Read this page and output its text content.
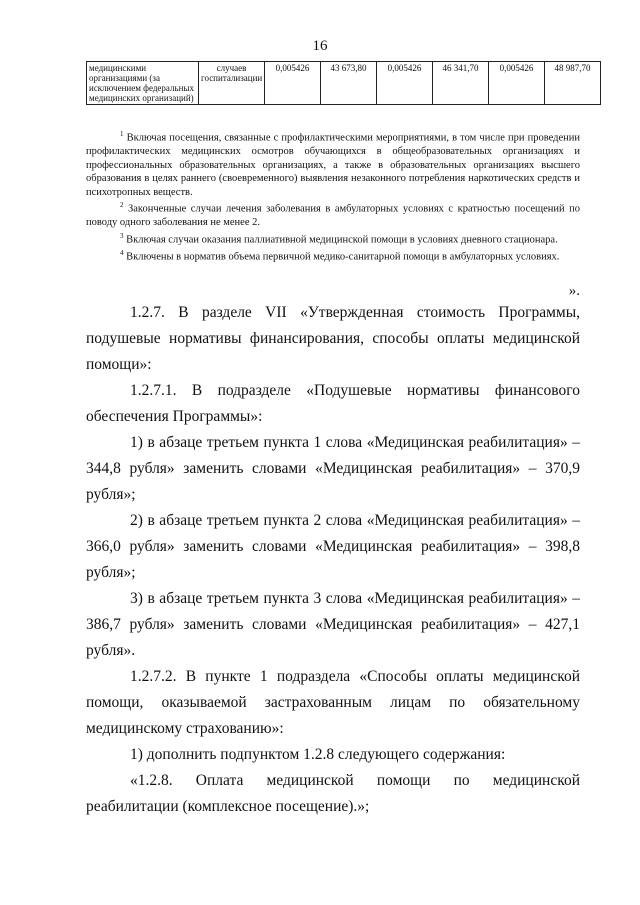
16
медицинскими организациями (за исключением федеральных медицинских организаций)	случаев госпитализации	0,005426	43 673,80	0,005426	46 341,70	0,005426	48 987,70

$^1$ Включая посещения, связанные с профилактическими мероприятиями, в том числе при проведении профилактических медицинских осмотров обучающихся в общеобразовательных организациях и профессиональных образовательных организациях, а также в образовательных организациях высшего образования в целях раннего (своевременного) выявления незаконного потребления наркотических средств и психотропных веществ.

$^2$ Законченные случаи лечения заболевания в амбулаторных условиях с кратностью посещений по поводу одного заболевания не менее 2.

$^3$ Включая случаи оказания паллиативной медицинской помощи в условиях дневного стационара.

$^4$ Включены в норматив объема первичной медико-санитарной помощи в амбулаторных условиях.

».

1.2.7. В разделе VII «Утвержденная стоимость Программы, подушевые нормативы финансирования, способы оплаты медицинской помощи»:

1.2.7.1. В подразделе «Подушевые нормативы финансового обеспечения Программы»:

1) в абзаце третьем пункта 1 слова «Медицинская реабилитация» – 344,8 рубля» заменить словами «Медицинская реабилитация» – 370,9 рубля»;

2) в абзаце третьем пункта 2 слова «Медицинская реабилитация» – 366,0 рубля» заменить словами «Медицинская реабилитация» – 398,8 рубля»;

3) в абзаце третьем пункта 3 слова «Медицинская реабилитация» – 386,7 рубля» заменить словами «Медицинская реабилитация» – 427,1 рубля».

1.2.7.2. В пункте 1 подраздела «Способы оплаты медицинской помощи, оказываемой застрахованным лицам по обязательному медицинскому страхованию»:

1) дополнить подпунктом 1.2.8 следующего содержания:

«1.2.8. Оплата медицинской помощи по медицинской реабилитации (комплексное посещение).»;
